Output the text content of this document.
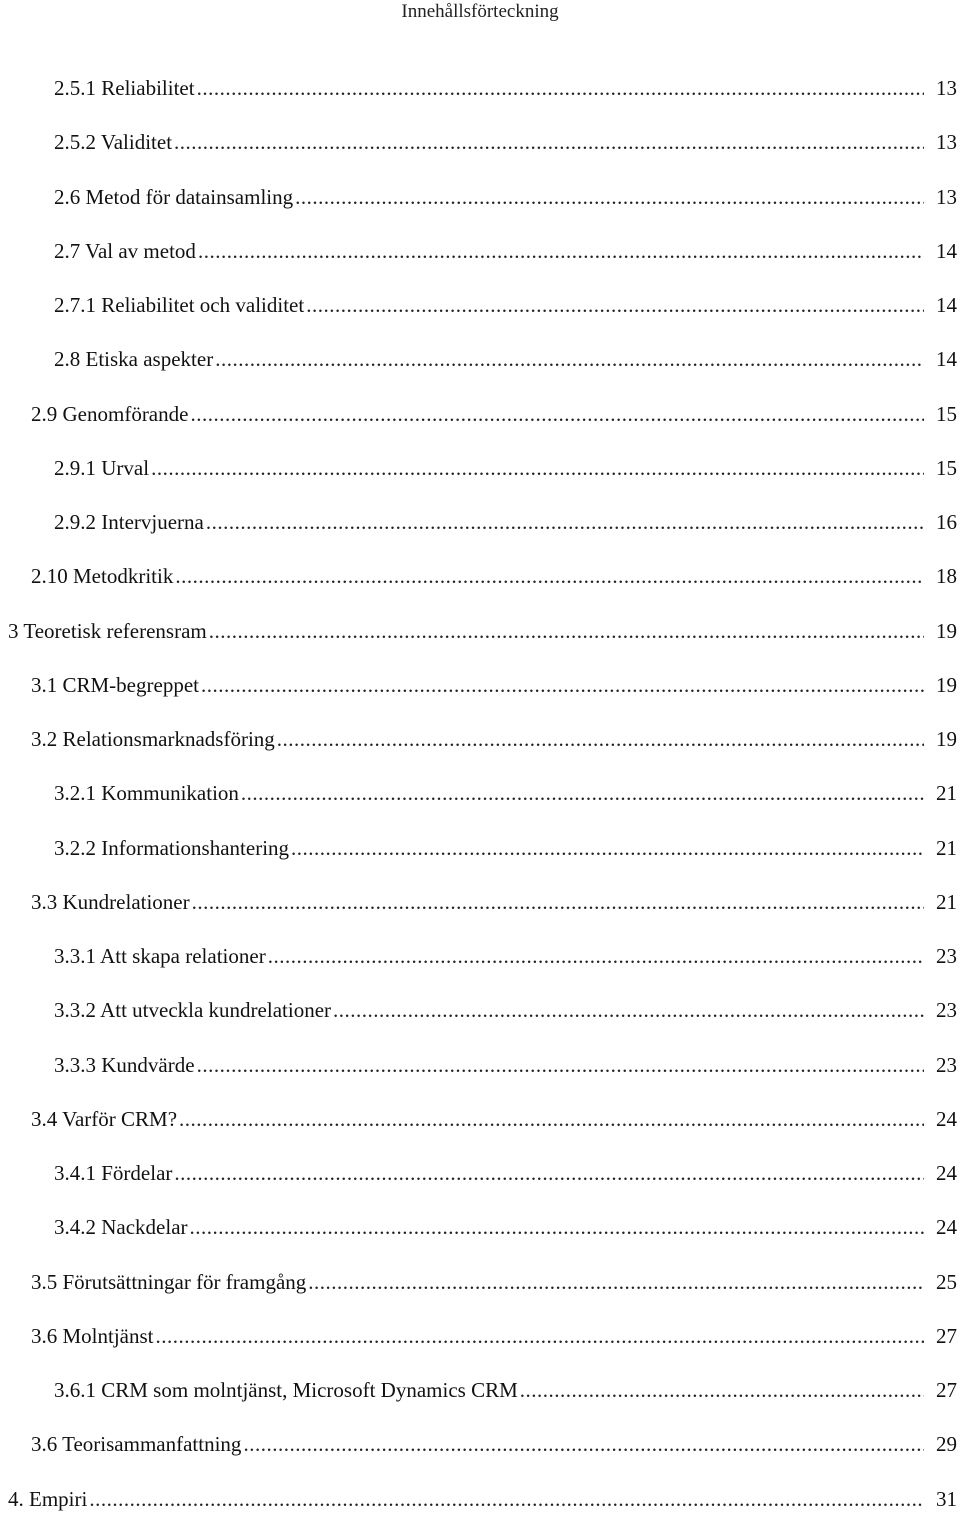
Innehållsförteckning
2.5.1 Reliabilitet .....	13
2.5.2 Validitet .....	13
2.6 Metod för datainsamling .....	13
2.7 Val av metod .....	14
2.7.1 Reliabilitet och validitet .....	14
2.8 Etiska aspekter .....	14
2.9 Genomförande .....	15
2.9.1 Urval .....	15
2.9.2 Intervjuerna .....	16
2.10 Metodkritik .....	18
3 Teoretisk referensram .....	19
3.1 CRM-begreppet .....	19
3.2 Relationsmarknadsföring .....	19
3.2.1 Kommunikation .....	21
3.2.2 Informationshantering .....	21
3.3 Kundrelationer .....	21
3.3.1 Att skapa relationer .....	23
3.3.2 Att utveckla kundrelationer .....	23
3.3.3 Kundvärde .....	23
3.4 Varför CRM? .....	24
3.4.1 Fördelar .....	24
3.4.2 Nackdelar .....	24
3.5 Förutsättningar för framgång .....	25
3.6 Molntjänst .....	27
3.6.1 CRM som molntjänst, Microsoft Dynamics CRM .....	27
3.6 Teorisammanfattning .....	29
4. Empiri .....	31
